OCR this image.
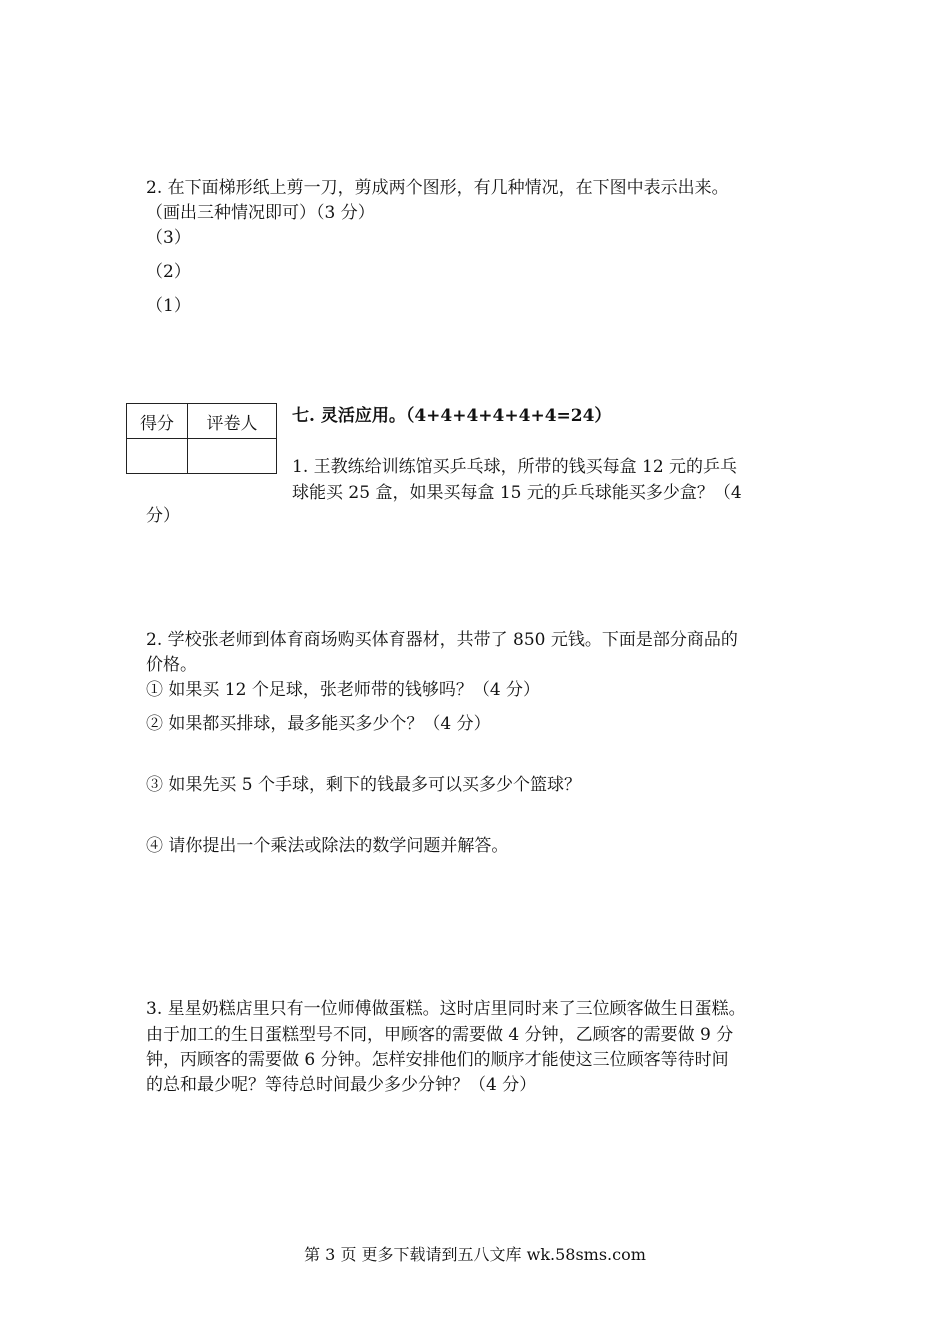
2. 在下面梯形纸上剪一刀，剪成两个图形，有几种情况，在下图中表示出来。
（画出三种情况即可）（3 分）
（3）
（2）
（1）
得分	评卷人
	七. 灵活应用。（4+4+4+4+4+4=24）
1. 王教练给训练馆买乒乓球，所带的钱买每盒 12 元的乒乓
球能买 25 盒，如果买每盒 15 元的乒乓球能买多少盒？（4
分）
2. 学校张老师到体育商场购买体育器材，共带了 850 元钱。下面是部分商品的
价格。
① 如果买 12 个足球，张老师带的钱够吗？（4 分）
② 如果都买排球，最多能买多少个？（4 分）
③ 如果先买 5 个手球，剩下的钱最多可以买多少个篮球？
④ 请你提出一个乘法或除法的数学问题并解答。
3. 星星奶糕店里只有一位师傅做蛋糕。这时店里同时来了三位顾客做生日蛋糕。
由于加工的生日蛋糕型号不同，甲顾客的需要做 4 分钟，乙顾客的需要做 9 分
钟，丙顾客的需要做 6 分钟。怎样安排他们的顺序才能使这三位顾客等待时间
的总和最少呢？等待总时间最少多少分钟？（4 分）
第 3 页 更多下载请到五八文库 wk.58sms.com
